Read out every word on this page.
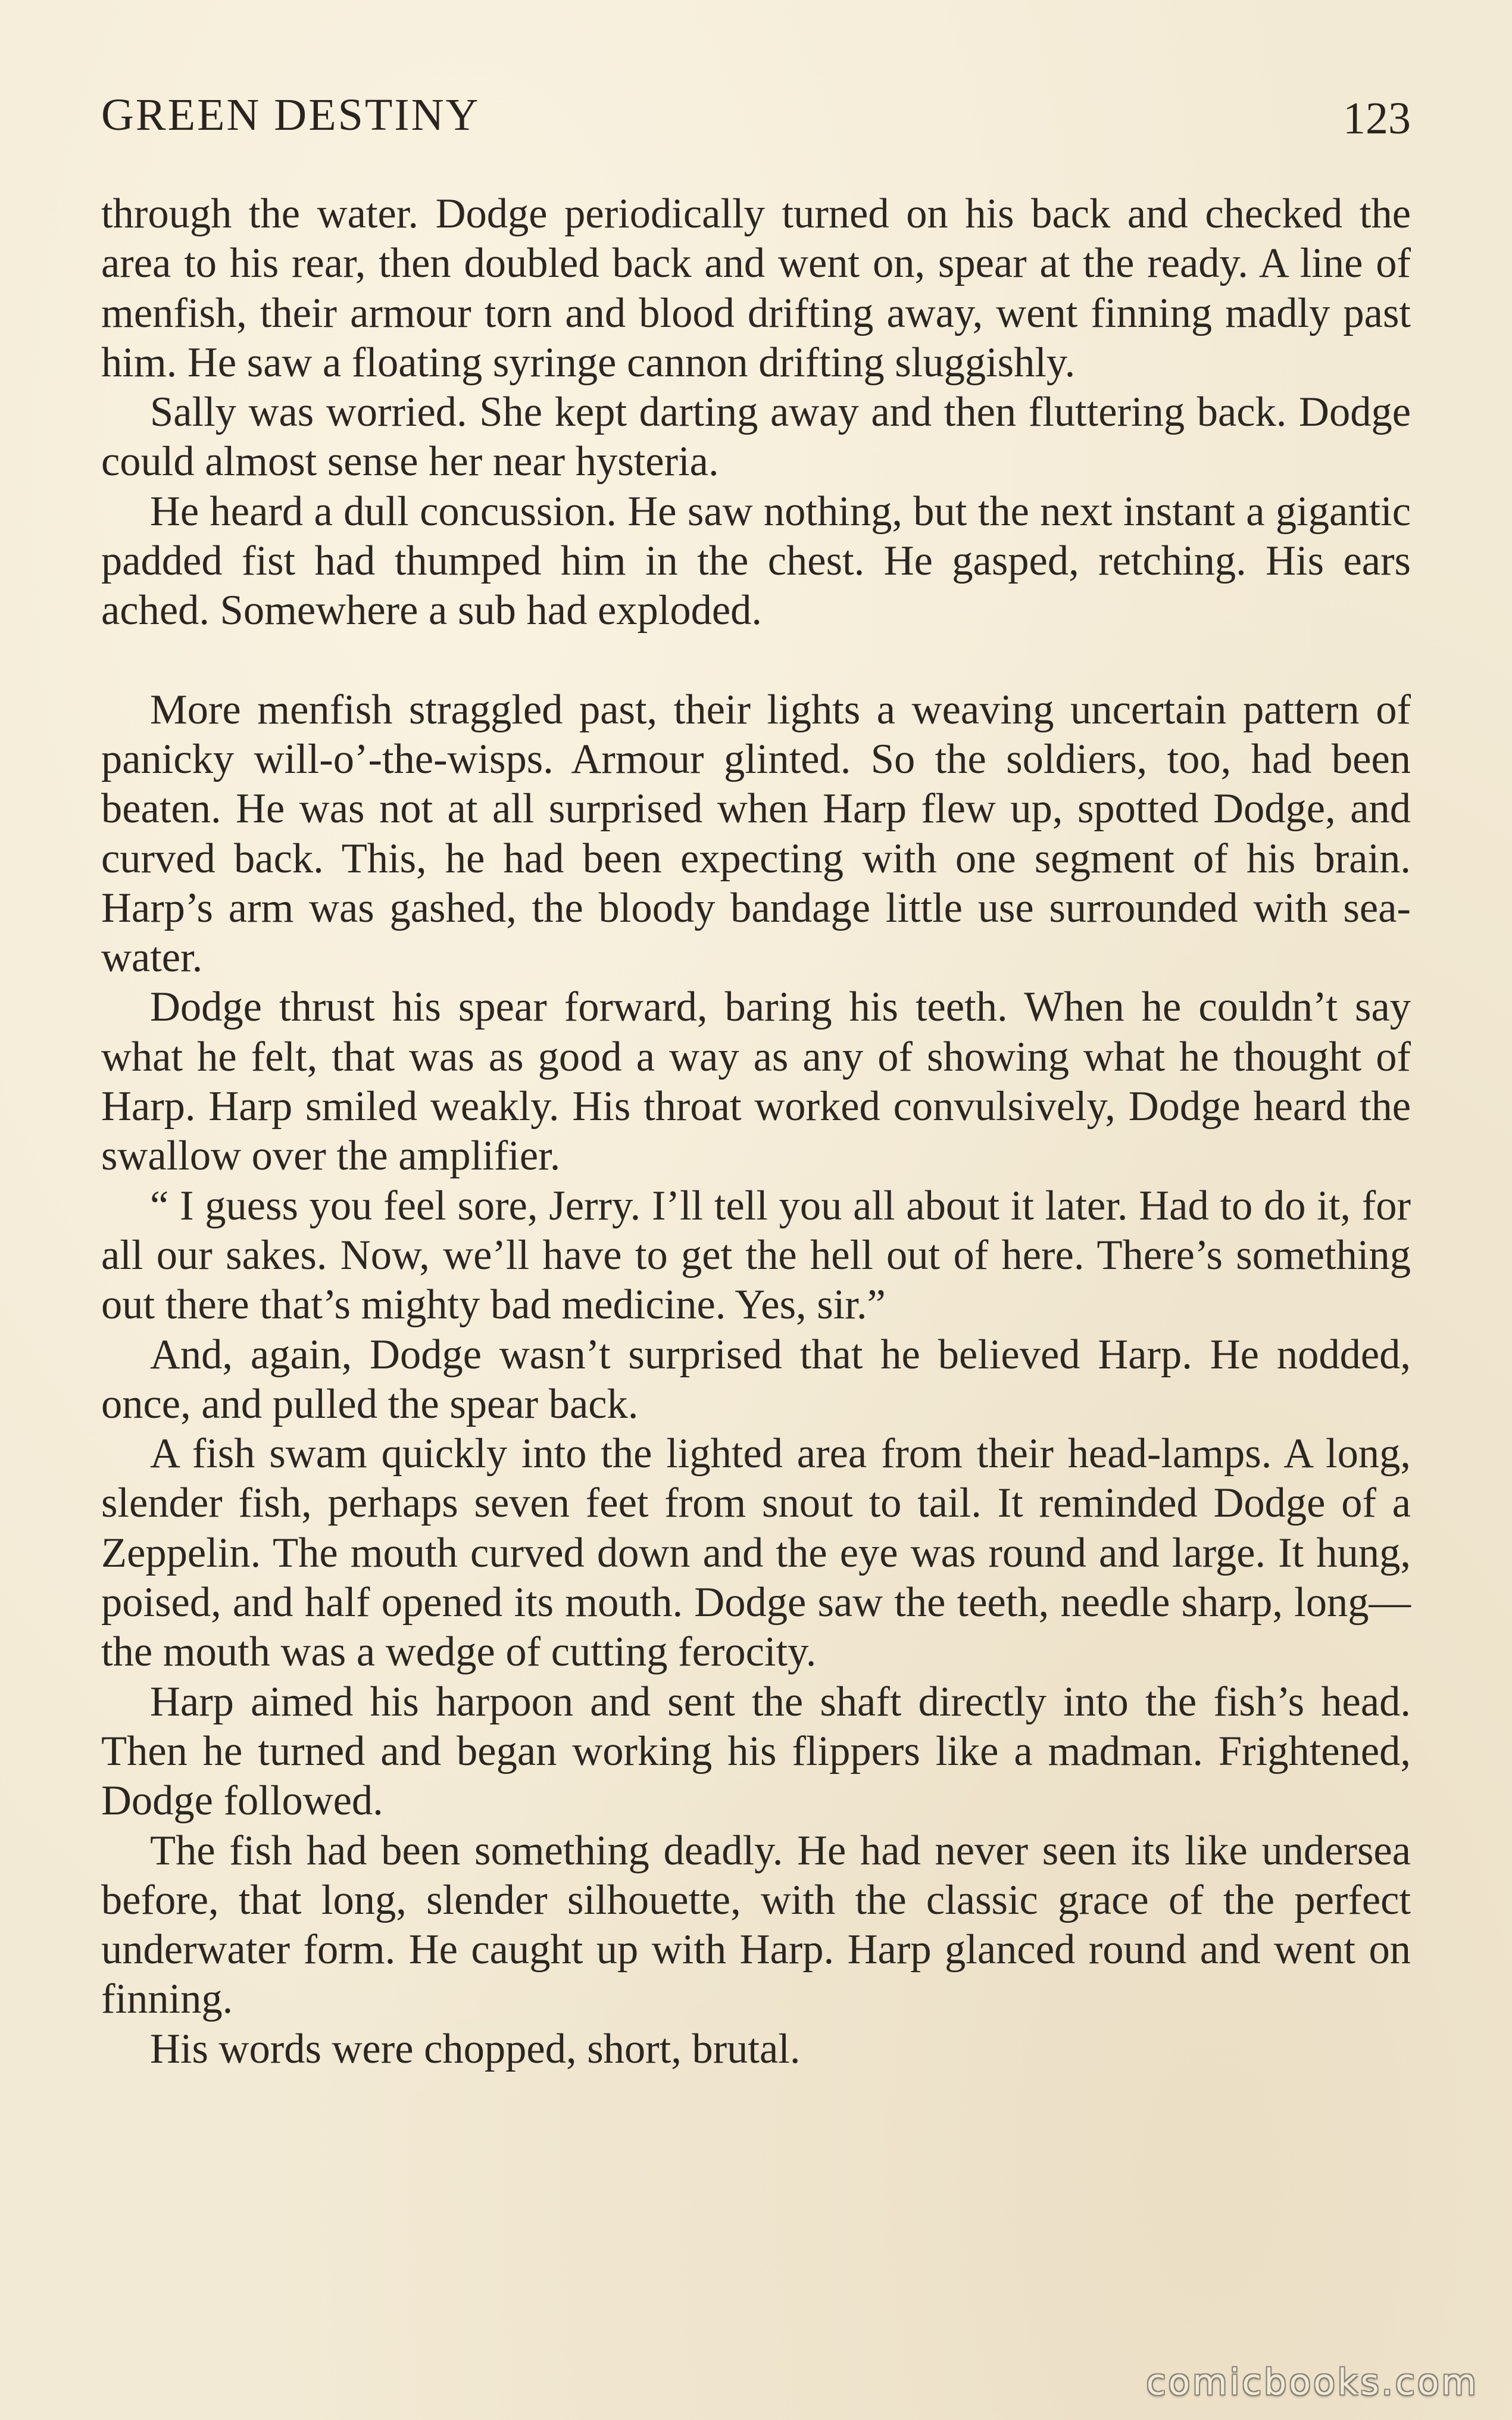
GREEN DESTINY	123

through the water. Dodge periodically turned on his back and checked the area to his rear, then doubled back and went on, spear at the ready. A line of menfish, their armour torn and blood drifting away, went finning madly past him. He saw a floating syringe cannon drifting sluggishly.

Sally was worried. She kept darting away and then fluttering back. Dodge could almost sense her near hysteria.

He heard a dull concussion. He saw nothing, but the next instant a gigantic padded fist had thumped him in the chest. He gasped, retching. His ears ached. Somewhere a sub had exploded.

More menfish straggled past, their lights a weaving uncertain pattern of panicky will-o’-the-wisps. Armour glinted. So the soldiers, too, had been beaten. He was not at all surprised when Harp flew up, spotted Dodge, and curved back. This, he had been expecting with one segment of his brain. Harp’s arm was gashed, the bloody bandage little use surrounded with sea-water.

Dodge thrust his spear forward, baring his teeth. When he couldn’t say what he felt, that was as good a way as any of showing what he thought of Harp. Harp smiled weakly. His throat worked convulsively, Dodge heard the swallow over the amplifier.

“ I guess you feel sore, Jerry. I’ll tell you all about it later. Had to do it, for all our sakes. Now, we’ll have to get the hell out of here. There’s something out there that’s mighty bad medicine. Yes, sir.”

And, again, Dodge wasn’t surprised that he believed Harp. He nodded, once, and pulled the spear back.

A fish swam quickly into the lighted area from their head-lamps. A long, slender fish, perhaps seven feet from snout to tail. It reminded Dodge of a Zeppelin. The mouth curved down and the eye was round and large. It hung, poised, and half opened its mouth. Dodge saw the teeth, needle sharp, long—the mouth was a wedge of cutting ferocity.

Harp aimed his harpoon and sent the shaft directly into the fish’s head. Then he turned and began working his flippers like a madman. Frightened, Dodge followed.

The fish had been something deadly. He had never seen its like undersea before, that long, slender silhouette, with the classic grace of the perfect underwater form. He caught up with Harp. Harp glanced round and went on finning.

His words were chopped, short, brutal.

comicbooks.com
